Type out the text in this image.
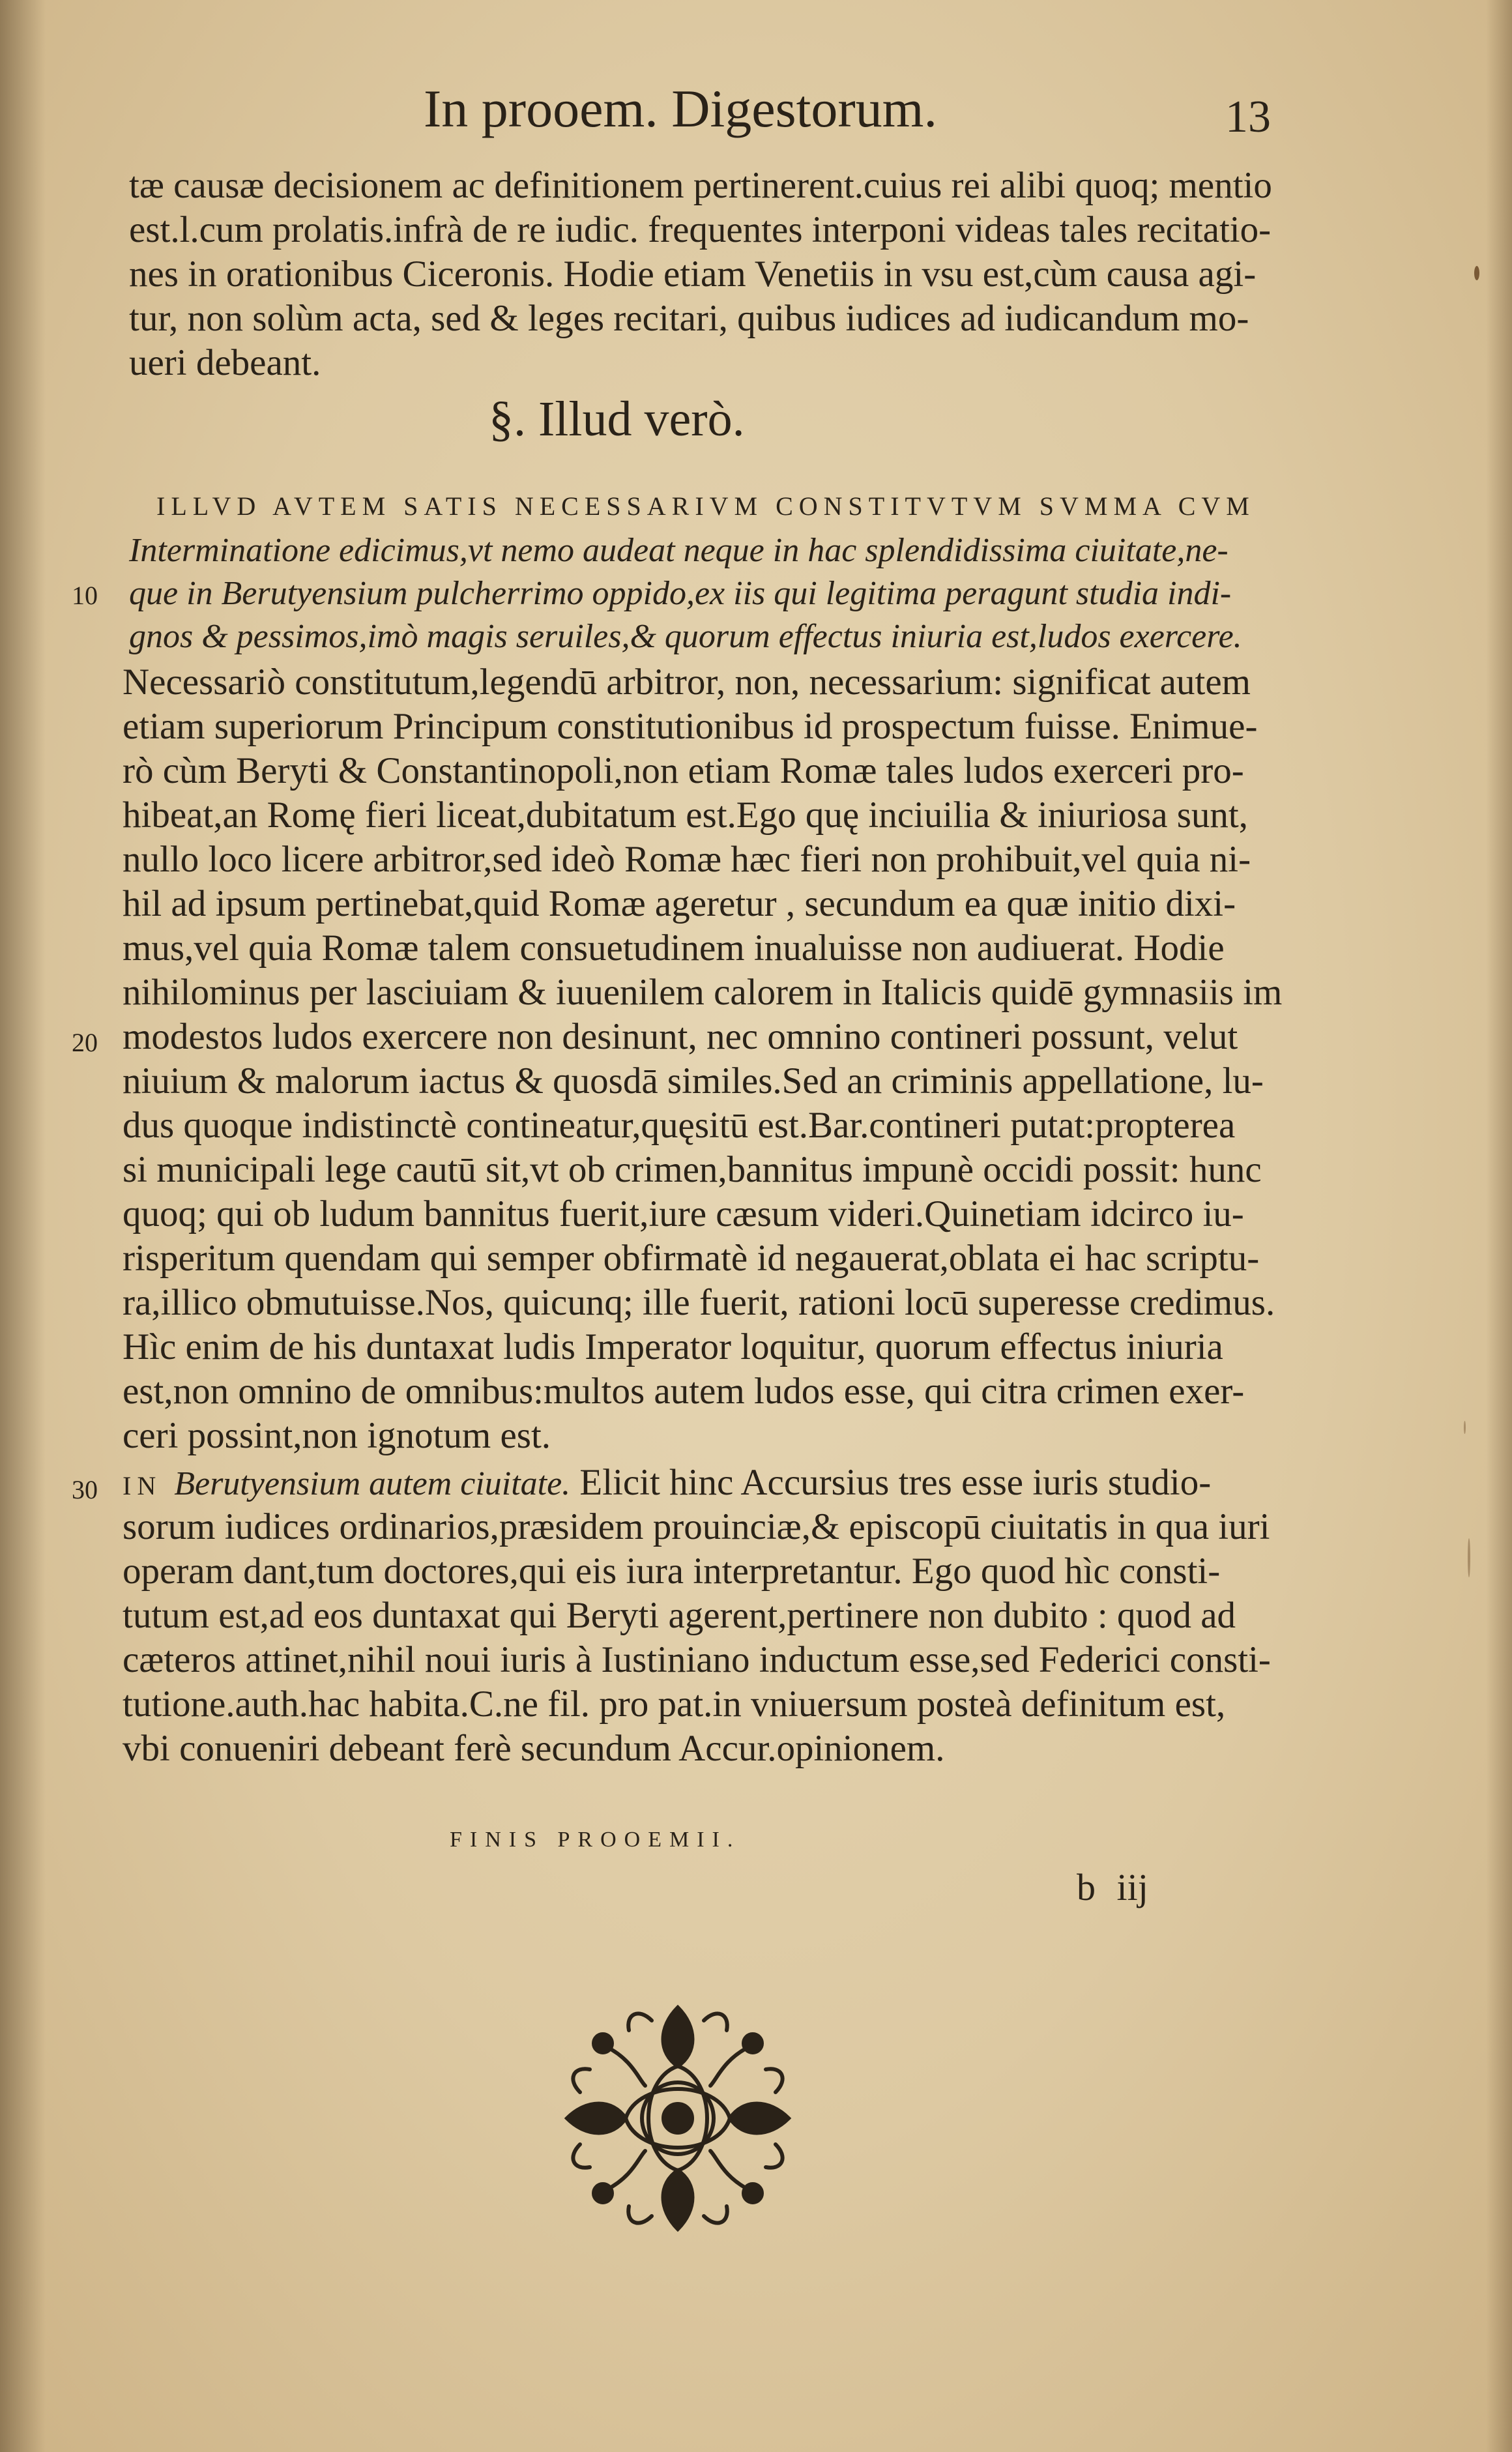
In prooem. Digestorum.	13
tæ causæ decisionem ac definitionem pertinerent.cuius rei alibi quoq; mentio
est.l.cum prolatis.infrà de re iudic. frequentes interponi videas tales recitatio-
nes in orationibus Ciceronis. Hodie etiam Venetiis in vsu est,cùm causa agi-
tur, non solùm acta, sed & leges recitari, quibus iudices ad iudicandum mo-
ueri debeant.
§. Illud verò.
ILLVD AVTEM SATIS NECESSARIVM CONSTITVTVM SVMMA CVM
Interminatione edicimus,vt nemo audeat neque in hac splendidissima ciuitate,ne-
que in Berutyensium pulcherrimo oppido,ex iis qui legitima peragunt studia indi-
gnos & pessimos,imò magis seruiles,& quorum effectus iniuria est,ludos exercere.
10
Necessariò constitutum,legendū arbitror, non, necessarium: significat autem
etiam superiorum Principum constitutionibus id prospectum fuisse. Enimue-
rò cùm Beryti & Constantinopoli,non etiam Romæ tales ludos exerceri pro-
hibeat,an Romę fieri liceat,dubitatum est.Ego quę inciuilia & iniuriosa sunt,
nullo loco licere arbitror,sed ideò Romæ hæc fieri non prohibuit,vel quia ni-
hil ad ipsum pertinebat,quid Romæ ageretur , secundum ea quæ initio dixi-
mus,vel quia Romæ talem consuetudinem inualuisse non audiuerat. Hodie
nihilominus per lasciuiam & iuuenilem calorem in Italicis quidē gymnasiis im
modestos ludos exercere non desinunt, nec omnino contineri possunt, velut
niuium & malorum iactus & quosdā similes.Sed an criminis appellatione, lu-
dus quoque indistinctè contineatur,quęsitū est.Bar.contineri putat:propterea
si municipali lege cautū sit,vt ob crimen,bannitus impunè occidi possit: hunc
quoq; qui ob ludum bannitus fuerit,iure cæsum videri.Quinetiam idcirco iu-
risperitum quendam qui semper obfirmatè id negauerat,oblata ei hac scriptu-
ra,illico obmutuisse.Nos, quicunq; ille fuerit, rationi locū superesse credimus.
Hìc enim de his duntaxat ludis Imperator loquitur, quorum effectus iniuria
est,non omnino de omnibus:multos autem ludos esse, qui citra crimen exer-
ceri possint,non ignotum est.
20
IN Berutyensium autem ciuitate. Elicit hinc Accursius tres esse iuris studio-
sorum iudices ordinarios,præsidem prouinciæ,& episcopū ciuitatis in qua iuri
operam dant,tum doctores,qui eis iura interpretantur. Ego quod hìc consti-
tutum est,ad eos duntaxat qui Beryti agerent,pertinere non dubito : quod ad
cæteros attinet,nihil noui iuris à Iustiniano inductum esse,sed Federici consti-
tutione.auth.hac habita.C.ne fil. pro pat.in vniuersum posteà definitum est,
vbi conueniri debeant ferè secundum Accur.opinionem.
30
FINIS PROOEMII.
b iij
